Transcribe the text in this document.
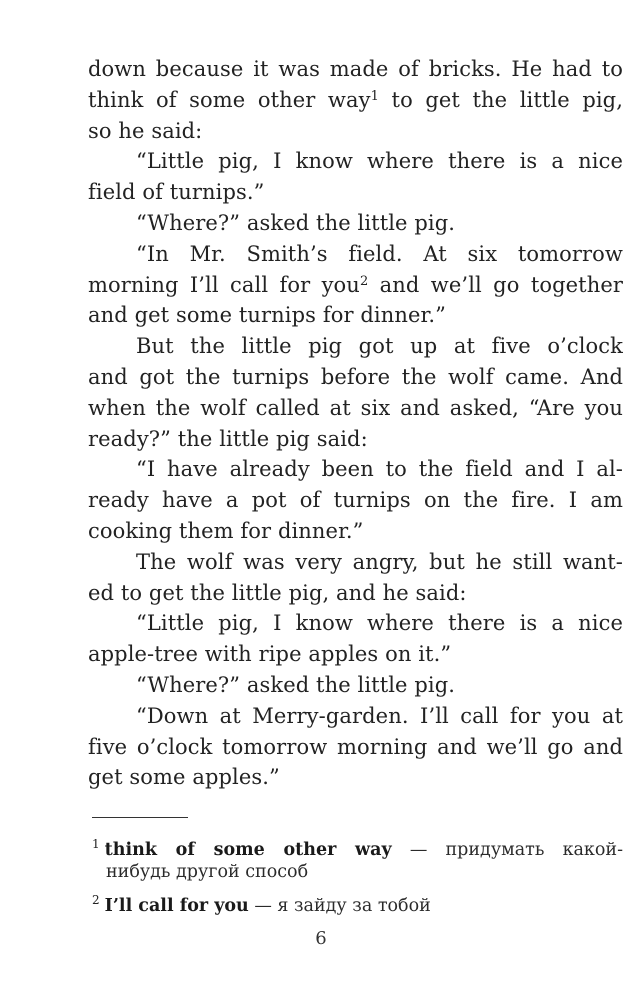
down because it was made of bricks. He had to
think of some other way$^1$ to get the little pig,
so he said:
“Little pig, I know where there is a nice
field of turnips.”
“Where?” asked the little pig.
“In Mr. Smith’s field. At six tomorrow
morning I’ll call for you$^2$ and we’ll go together
and get some turnips for dinner.”
But the little pig got up at five o’clock
and got the turnips before the wolf came. And
when the wolf called at six and asked, “Are you
ready?” the little pig said:
“I have already been to the field and I al-
ready have a pot of turnips on the fire. I am
cooking them for dinner.”
The wolf was very angry, but he still want-
ed to get the little pig, and he said:
“Little pig, I know where there is a nice
apple-tree with ripe apples on it.”
“Where?” asked the little pig.
“Down at Merry-garden. I’ll call for you at
five o’clock tomorrow morning and we’ll go and
get some apples.”
$^1$ think of some other way — придумать какой-
нибудь другой способ
$^2$ I’ll call for you — я зайду за тобой
6
